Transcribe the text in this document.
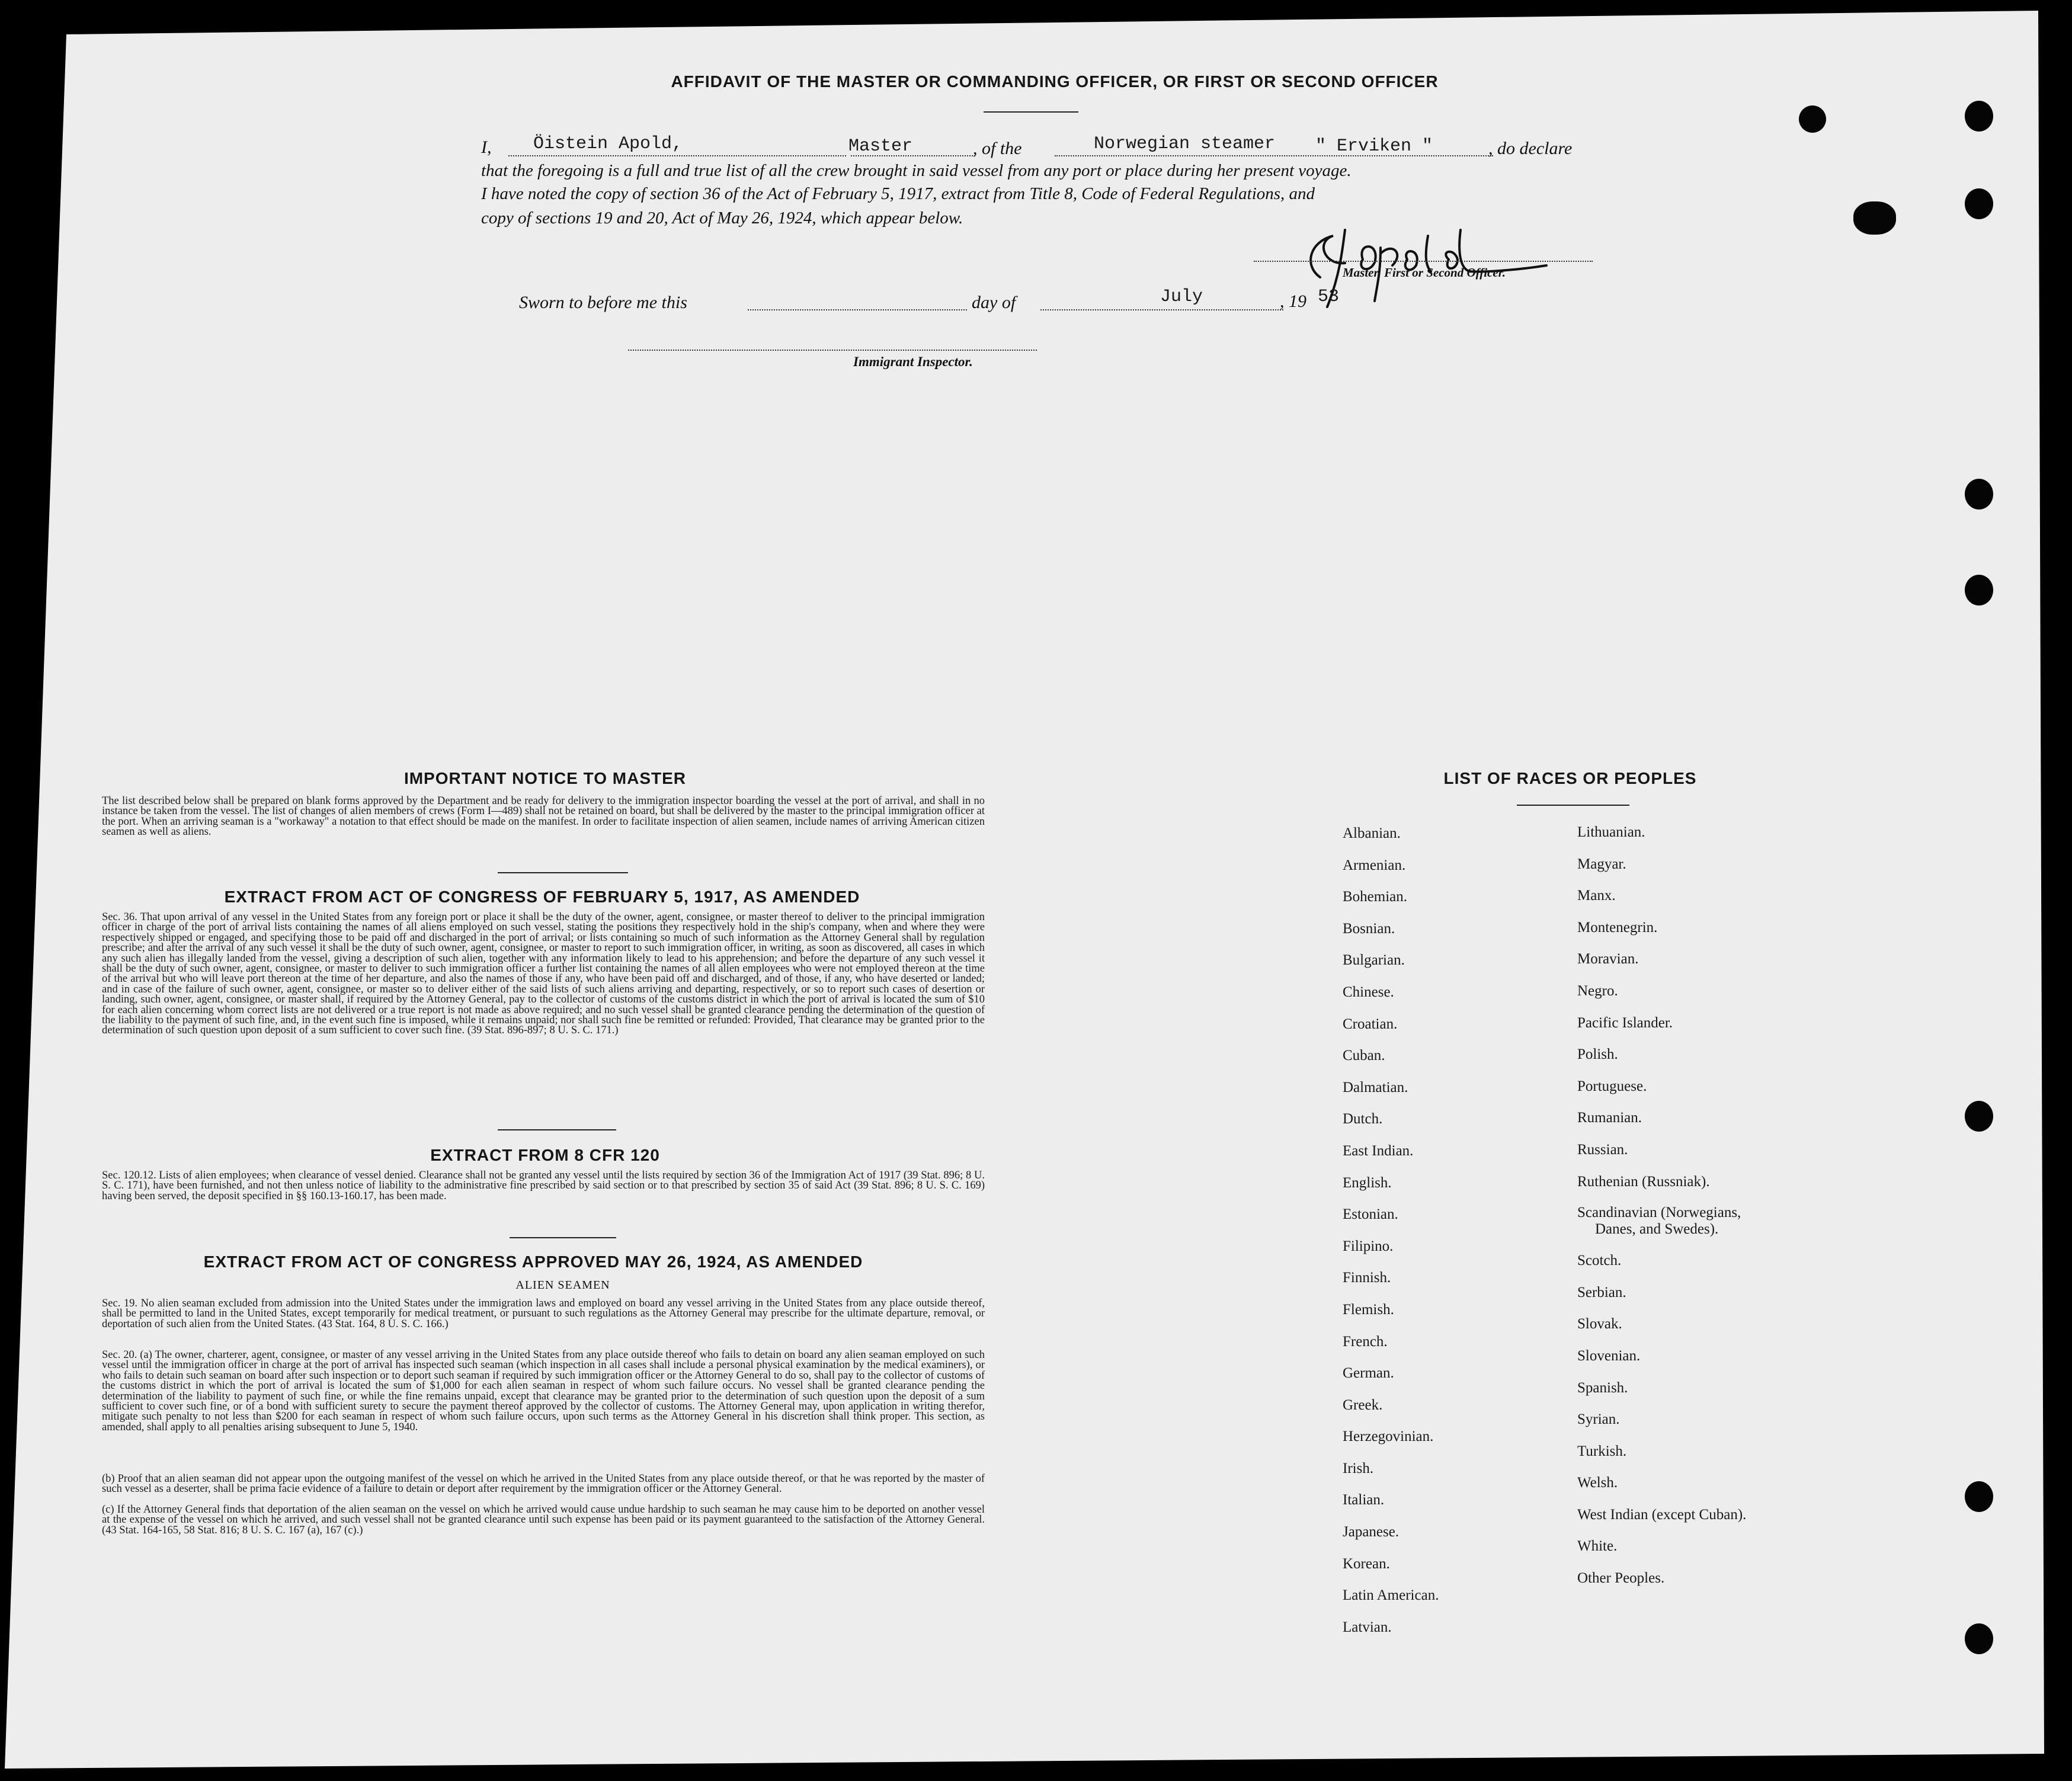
AFFIDAVIT OF THE MASTER OR COMMANDING OFFICER, OR FIRST OR SECOND OFFICER
I, Öistein Apold,	Master	, of the	Norwegian steamer " Erviken "	, do declare
that the foregoing is a full and true list of all the crew brought in said vessel from any port or place during her present voyage.
I have noted the copy of section 36 of the Act of February 5, 1917, extract from Title 8, Code of Federal Regulations, and
copy of sections 19 and 20, Act of May 26, 1924, which appear below.
Master, First or Second Officer.
Sworn to before me this	day of	July	, 19 53
Immigrant Inspector.
IMPORTANT NOTICE TO MASTER
The list described below shall be prepared on blank forms approved by the Department and be ready for delivery to the immigration inspector boarding the vessel at the port of arrival, and shall in no instance be taken from the vessel. The list of changes of alien members of crews (Form I—489) shall not be retained on board, but shall be delivered by the master to the principal immigration officer at the port. When an arriving seaman is a "workaway" a notation to that effect should be made on the manifest. In order to facilitate inspection of alien seamen, include names of arriving American citizen seamen as well as aliens.
EXTRACT FROM ACT OF CONGRESS OF FEBRUARY 5, 1917, AS AMENDED
Sec. 36. That upon arrival of any vessel in the United States from any foreign port or place it shall be the duty of the owner, agent, consignee, or master thereof to deliver to the principal immigration officer in charge of the port of arrival lists containing the names of all aliens employed on such vessel, stating the positions they respectively hold in the ship's company, when and where they were respectively shipped or engaged, and specifying those to be paid off and discharged in the port of arrival; or lists containing so much of such information as the Attorney General shall by regulation prescribe; and after the arrival of any such vessel it shall be the duty of such owner, agent, consignee, or master to report to such immigration officer, in writing, as soon as discovered, all cases in which any such alien has illegally landed from the vessel, giving a description of such alien, together with any information likely to lead to his apprehension; and before the departure of any such vessel it shall be the duty of such owner, agent, consignee, or master to deliver to such immigration officer a further list containing the names of all alien employees who were not employed thereon at the time of the arrival but who will leave port thereon at the time of her departure, and also the names of those if any, who have been paid off and discharged, and of those, if any, who have deserted or landed; and in case of the failure of such owner, agent, consignee, or master so to deliver either of the said lists of such aliens arriving and departing, respectively, or so to report such cases of desertion or landing, such owner, agent, consignee, or master shall, if required by the Attorney General, pay to the collector of customs of the customs district in which the port of arrival is located the sum of $10 for each alien concerning whom correct lists are not delivered or a true report is not made as above required; and no such vessel shall be granted clearance pending the determination of the question of the liability to the payment of such fine, and, in the event such fine is imposed, while it remains unpaid; nor shall such fine be remitted or refunded: Provided, That clearance may be granted prior to the determination of such question upon deposit of a sum sufficient to cover such fine. (39 Stat. 896-897; 8 U. S. C. 171.)
EXTRACT FROM 8 CFR 120
Sec. 120.12. Lists of alien employees; when clearance of vessel denied. Clearance shall not be granted any vessel until the lists required by section 36 of the Immigration Act of 1917 (39 Stat. 896; 8 U. S. C. 171), have been furnished, and not then unless notice of liability to the administrative fine prescribed by said section or to that prescribed by section 35 of said Act (39 Stat. 896; 8 U. S. C. 169) having been served, the deposit specified in §§ 160.13-160.17, has been made.
EXTRACT FROM ACT OF CONGRESS APPROVED MAY 26, 1924, AS AMENDED
ALIEN SEAMEN
Sec. 19. No alien seaman excluded from admission into the United States under the immigration laws and employed on board any vessel arriving in the United States from any place outside thereof, shall be permitted to land in the United States, except temporarily for medical treatment, or pursuant to such regulations as the Attorney General may prescribe for the ultimate departure, removal, or deportation of such alien from the United States. (43 Stat. 164, 8 U. S. C. 166.)
Sec. 20. (a) The owner, charterer, agent, consignee, or master of any vessel arriving in the United States from any place outside thereof who fails to detain on board any alien seaman employed on such vessel until the immigration officer in charge at the port of arrival has inspected such seaman (which inspection in all cases shall include a personal physical examination by the medical examiners), or who fails to detain such seaman on board after such inspection or to deport such seaman if required by such immigration officer or the Attorney General to do so, shall pay to the collector of customs of the customs district in which the port of arrival is located the sum of $1,000 for each alien seaman in respect of whom such failure occurs. No vessel shall be granted clearance pending the determination of the liability to payment of such fine, or while the fine remains unpaid, except that clearance may be granted prior to the determination of such question upon the deposit of a sum sufficient to cover such fine, or of a bond with sufficient surety to secure the payment thereof approved by the collector of customs. The Attorney General may, upon application in writing therefor, mitigate such penalty to not less than $200 for each seaman in respect of whom such failure occurs, upon such terms as the Attorney General in his discretion shall think proper. This section, as amended, shall apply to all penalties arising subsequent to June 5, 1940.
(b) Proof that an alien seaman did not appear upon the outgoing manifest of the vessel on which he arrived in the United States from any place outside thereof, or that he was reported by the master of such vessel as a deserter, shall be prima facie evidence of a failure to detain or deport after requirement by the immigration officer or the Attorney General.
(c) If the Attorney General finds that deportation of the alien seaman on the vessel on which he arrived would cause undue hardship to such seaman he may cause him to be deported on another vessel at the expense of the vessel on which he arrived, and such vessel shall not be granted clearance until such expense has been paid or its payment guaranteed to the satisfaction of the Attorney General. (43 Stat. 164-165, 58 Stat. 816; 8 U. S. C. 167 (a), 167 (c).)
LIST OF RACES OR PEOPLES
Albanian.
Armenian.
Bohemian.
Bosnian.
Bulgarian.
Chinese.
Croatian.
Cuban.
Dalmatian.
Dutch.
East Indian.
English.
Estonian.
Filipino.
Finnish.
Flemish.
French.
German.
Greek.
Herzegovinian.
Irish.
Italian.
Japanese.
Korean.
Latin American.
Latvian.
Lithuanian.
Magyar.
Manx.
Montenegrin.
Moravian.
Negro.
Pacific Islander.
Polish.
Portuguese.
Rumanian.
Russian.
Ruthenian (Russniak).
Scandinavian (Norwegians,
Danes, and Swedes).
Scotch.
Serbian.
Slovak.
Slovenian.
Spanish.
Syrian.
Turkish.
Welsh.
West Indian (except Cuban).
White.
Other Peoples.
